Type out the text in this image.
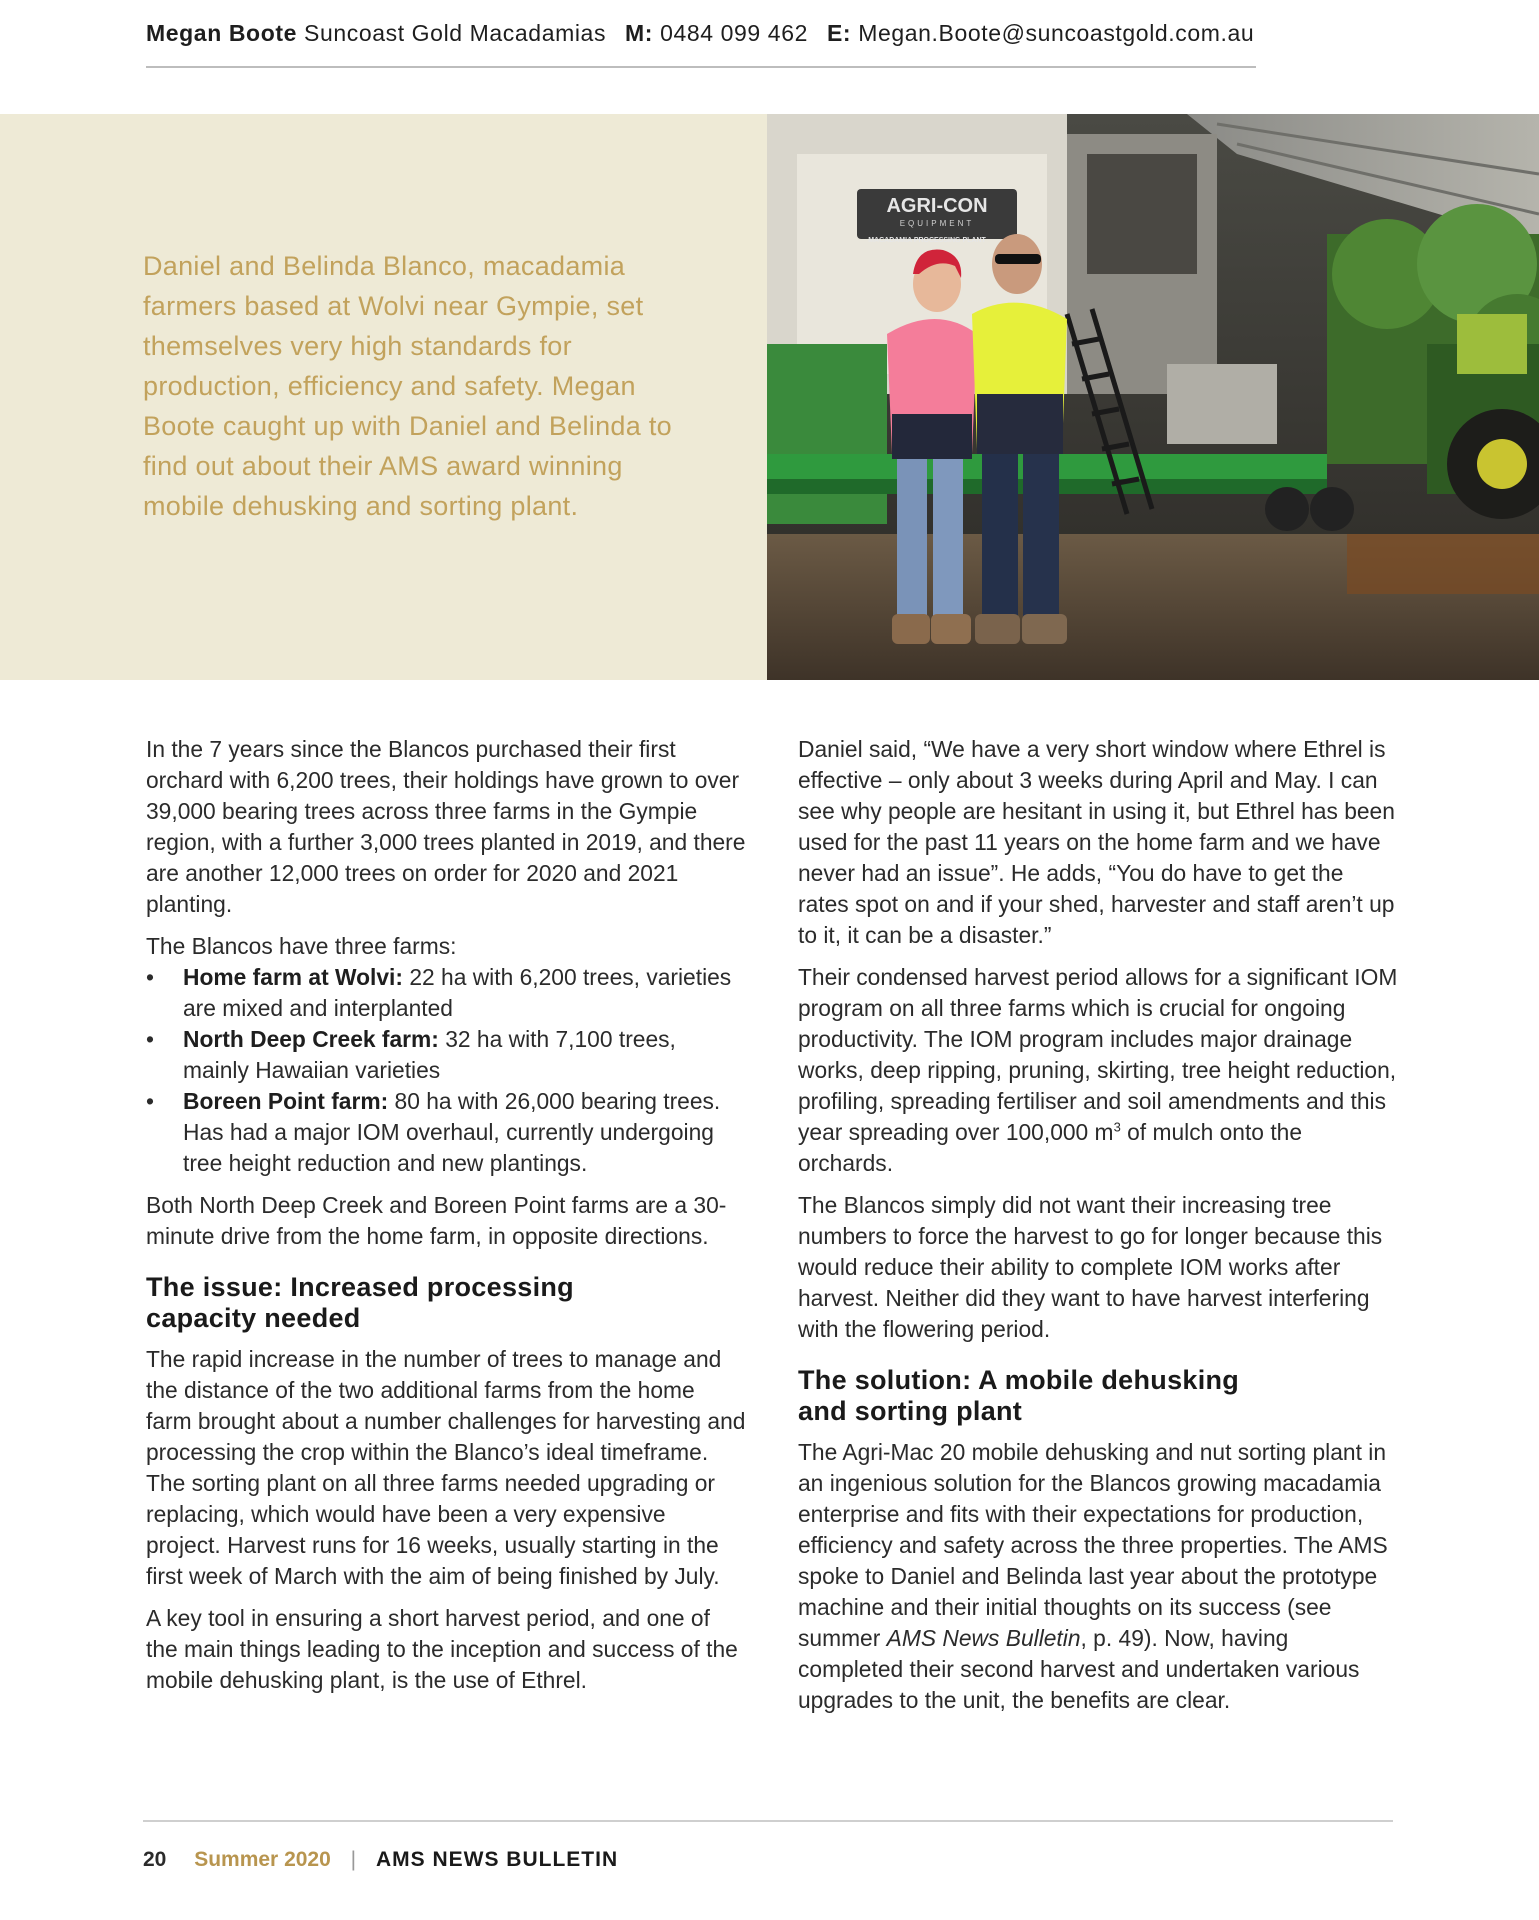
Megan Boote Suncoast Gold Macadamias M: 0484 099 462 E: Megan.Boote@suncoastgold.com.au
Daniel and Belinda Blanco, macadamia farmers based at Wolvi near Gympie, set themselves very high standards for production, efficiency and safety. Megan Boote caught up with Daniel and Belinda to find out about their AMS award winning mobile dehusking and sorting plant.
AGRI-CON
EQUIPMENT
MACADAMIA PROCESSING PLANT

In the 7 years since the Blancos purchased their first orchard with 6,200 trees, their holdings have grown to over 39,000 bearing trees across three farms in the Gympie region, with a further 3,000 trees planted in 2019, and there are another 12,000 trees on order for 2020 and 2021 planting.

The Blancos have three farms:

• Home farm at Wolvi: 22 ha with 6,200 trees, varieties are mixed and interplanted
• North Deep Creek farm: 32 ha with 7,100 trees, mainly Hawaiian varieties
• Boreen Point farm: 80 ha with 26,000 bearing trees. Has had a major IOM overhaul, currently undergoing tree height reduction and new plantings.

Both North Deep Creek and Boreen Point farms are a 30-minute drive from the home farm, in opposite directions.

The issue: Increased processing capacity needed

The rapid increase in the number of trees to manage and the distance of the two additional farms from the home farm brought about a number challenges for harvesting and processing the crop within the Blanco’s ideal timeframe. The sorting plant on all three farms needed upgrading or replacing, which would have been a very expensive project. Harvest runs for 16 weeks, usually starting in the first week of March with the aim of being finished by July.

A key tool in ensuring a short harvest period, and one of the main things leading to the inception and success of the mobile dehusking plant, is the use of Ethrel.

Daniel said, “We have a very short window where Ethrel is effective – only about 3 weeks during April and May. I can see why people are hesitant in using it, but Ethrel has been used for the past 11 years on the home farm and we have never had an issue”. He adds, “You do have to get the rates spot on and if your shed, harvester and staff aren’t up to it, it can be a disaster.”

Their condensed harvest period allows for a significant IOM program on all three farms which is crucial for ongoing productivity. The IOM program includes major drainage works, deep ripping, pruning, skirting, tree height reduction, profiling, spreading fertiliser and soil amendments and this year spreading over 100,000 $m^3$ of mulch onto the orchards.

The Blancos simply did not want their increasing tree numbers to force the harvest to go for longer because this would reduce their ability to complete IOM works after harvest. Neither did they want to have harvest interfering with the flowering period.

The solution: A mobile dehusking and sorting plant

The Agri-Mac 20 mobile dehusking and nut sorting plant in an ingenious solution for the Blancos growing macadamia enterprise and fits with their expectations for production, efficiency and safety across the three properties. The AMS spoke to Daniel and Belinda last year about the prototype machine and their initial thoughts on its success (see summer AMS News Bulletin, p. 49). Now, having completed their second harvest and undertaken various upgrades to the unit, the benefits are clear.

20 Summer 2020 | AMS NEWS BULLETIN
